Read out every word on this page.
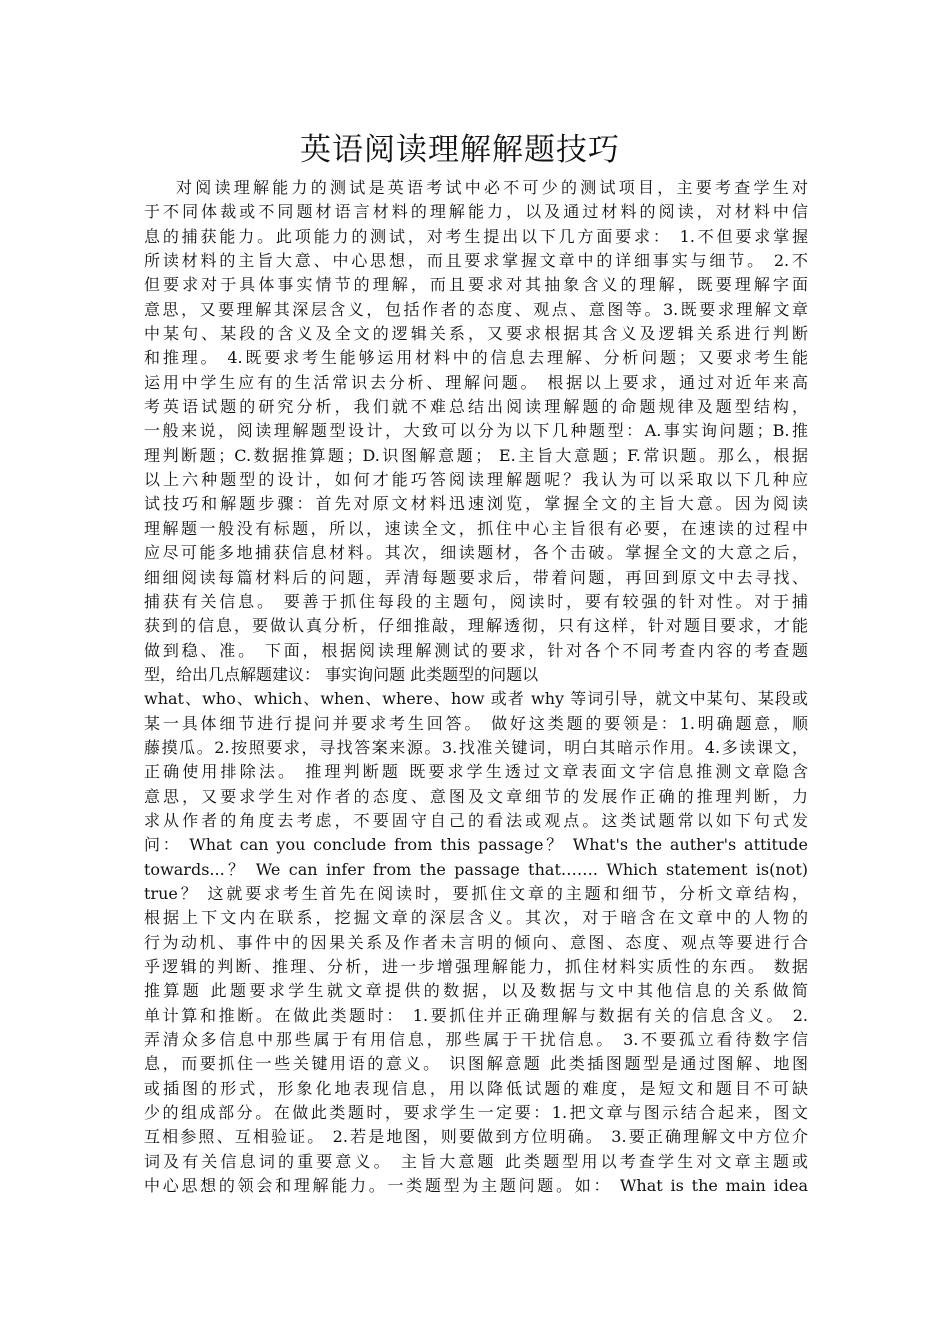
英语阅读理解解题技巧
对阅读理解能力的测试是英语考试中必不可少的测试项目，主要考查学生对
于不同体裁或不同题材语言材料的理解能力，以及通过材料的阅读，对材料中信
息的捕获能力。此项能力的测试，对考生提出以下几方面要求： 1.不但要求掌握
所读材料的主旨大意、中心思想，而且要求掌握文章中的详细事实与细节。 2.不
但要求对于具体事实情节的理解，而且要求对其抽象含义的理解，既要理解字面
意思，又要理解其深层含义，包括作者的态度、观点、意图等。3.既要求理解文章
中某句、某段的含义及全文的逻辑关系，又要求根据其含义及逻辑关系进行判断
和推理。 4.既要求考生能够运用材料中的信息去理解、分析问题；又要求考生能
运用中学生应有的生活常识去分析、理解问题。 根据以上要求，通过对近年来高
考英语试题的研究分析，我们就不难总结出阅读理解题的命题规律及题型结构，
一般来说，阅读理解题型设计，大致可以分为以下几种题型：A.事实询问题；B.推
理判断题；C.数据推算题；D.识图解意题； E.主旨大意题；F.常识题。那么，根据
以上六种题型的设计，如何才能巧答阅读理解题呢？我认为可以采取以下几种应
试技巧和解题步骤：首先对原文材料迅速浏览，掌握全文的主旨大意。因为阅读
理解题一般没有标题，所以，速读全文，抓住中心主旨很有必要，在速读的过程中
应尽可能多地捕获信息材料。其次，细读题材，各个击破。掌握全文的大意之后，
细细阅读每篇材料后的问题，弄清每题要求后，带着问题，再回到原文中去寻找、
捕获有关信息。 要善于抓住每段的主题句，阅读时，要有较强的针对性。对于捕
获到的信息，要做认真分析，仔细推敲，理解透彻，只有这样，针对题目要求，才能
做到稳、准。 下面，根据阅读理解测试的要求，针对各个不同考查内容的考查题
型，给出几点解题建议： 事实询问题 此类题型的问题以
what、who、which、when、where、how 或者 why 等词引导，就文中某句、某段或
某一具体细节进行提问并要求考生回答。 做好这类题的要领是：1.明确题意，顺
藤摸瓜。2.按照要求，寻找答案来源。3.找准关键词，明白其暗示作用。4.多读课文，
正确使用排除法。 推理判断题 既要求学生透过文章表面文字信息推测文章隐含
意思，又要求学生对作者的态度、意图及文章细节的发展作正确的推理判断，力
求从作者的角度去考虑，不要固守自己的看法或观点。这类试题常以如下句式发
问： What can you conclude from this passage？ What's the auther's attitude
towards...？ We can infer from the passage that……. Which statement is(not)
true？ 这就要求考生首先在阅读时，要抓住文章的主题和细节，分析文章结构，
根据上下文内在联系，挖掘文章的深层含义。其次，对于暗含在文章中的人物的
行为动机、事件中的因果关系及作者未言明的倾向、意图、态度、观点等要进行合
乎逻辑的判断、推理、分析，进一步增强理解能力，抓住材料实质性的东西。 数据
推算题 此题要求学生就文章提供的数据，以及数据与文中其他信息的关系做简
单计算和推断。在做此类题时： 1.要抓住并正确理解与数据有关的信息含义。 2.
弄清众多信息中那些属于有用信息，那些属于干扰信息。 3.不要孤立看待数字信
息，而要抓住一些关键用语的意义。 识图解意题 此类插图题型是通过图解、地图
或插图的形式，形象化地表现信息，用以降低试题的难度，是短文和题目不可缺
少的组成部分。在做此类题时，要求学生一定要：1.把文章与图示结合起来，图文
互相参照、互相验证。 2.若是地图，则要做到方位明确。 3.要正确理解文中方位介
词及有关信息词的重要意义。 主旨大意题 此类题型用以考查学生对文章主题或
中心思想的领会和理解能力。一类题型为主题问题。如： What is the main idea
